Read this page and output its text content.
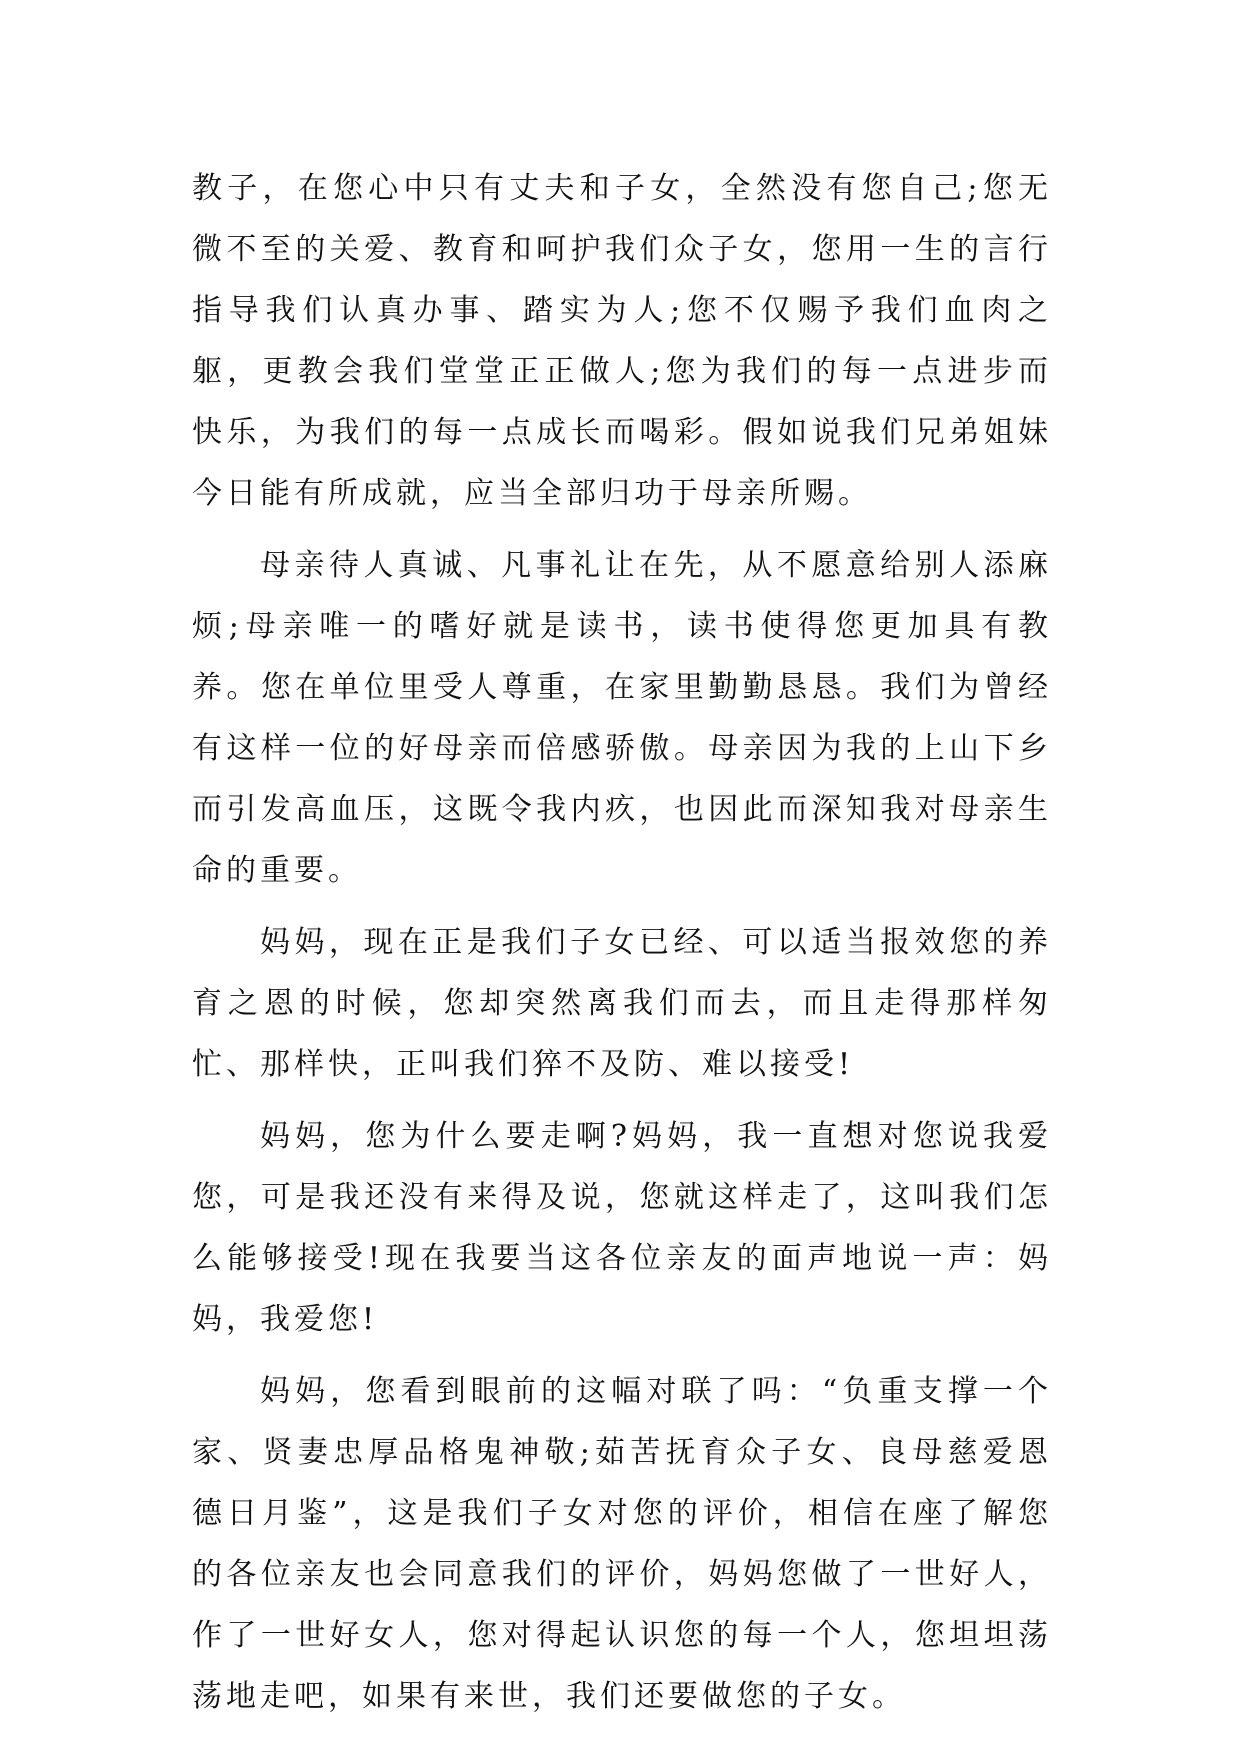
教子，在您心中只有丈夫和子女，全然没有您自己;您无微不至的关爱、教育和呵护我们众子女，您用一生的言行指导我们认真办事、踏实为人;您不仅赐予我们血肉之躯，更教会我们堂堂正正做人;您为我们的每一点进步而快乐，为我们的每一点成长而喝彩。假如说我们兄弟姐妹今日能有所成就，应当全部归功于母亲所赐。

母亲待人真诚、凡事礼让在先，从不愿意给别人添麻烦;母亲唯一的嗜好就是读书，读书使得您更加具有教养。您在单位里受人尊重，在家里勤勤恳恳。我们为曾经有这样一位的好母亲而倍感骄傲。母亲因为我的上山下乡而引发高血压，这既令我内疚，也因此而深知我对母亲生命的重要。

妈妈，现在正是我们子女已经、可以适当报效您的养育之恩的时候，您却突然离我们而去，而且走得那样匆忙、那样快，正叫我们猝不及防、难以接受!

妈妈，您为什么要走啊?妈妈，我一直想对您说我爱您，可是我还没有来得及说，您就这样走了，这叫我们怎么能够接受!现在我要当这各位亲友的面声地说一声：妈妈，我爱您!

妈妈，您看到眼前的这幅对联了吗：“负重支撑一个家、贤妻忠厚品格鬼神敬;茹苦抚育众子女、良母慈爱恩德日月鉴”，这是我们子女对您的评价，相信在座了解您的各位亲友也会同意我们的评价，妈妈您做了一世好人，作了一世好女人，您对得起认识您的每一个人，您坦坦荡荡地走吧，如果有来世，我们还要做您的子女。
